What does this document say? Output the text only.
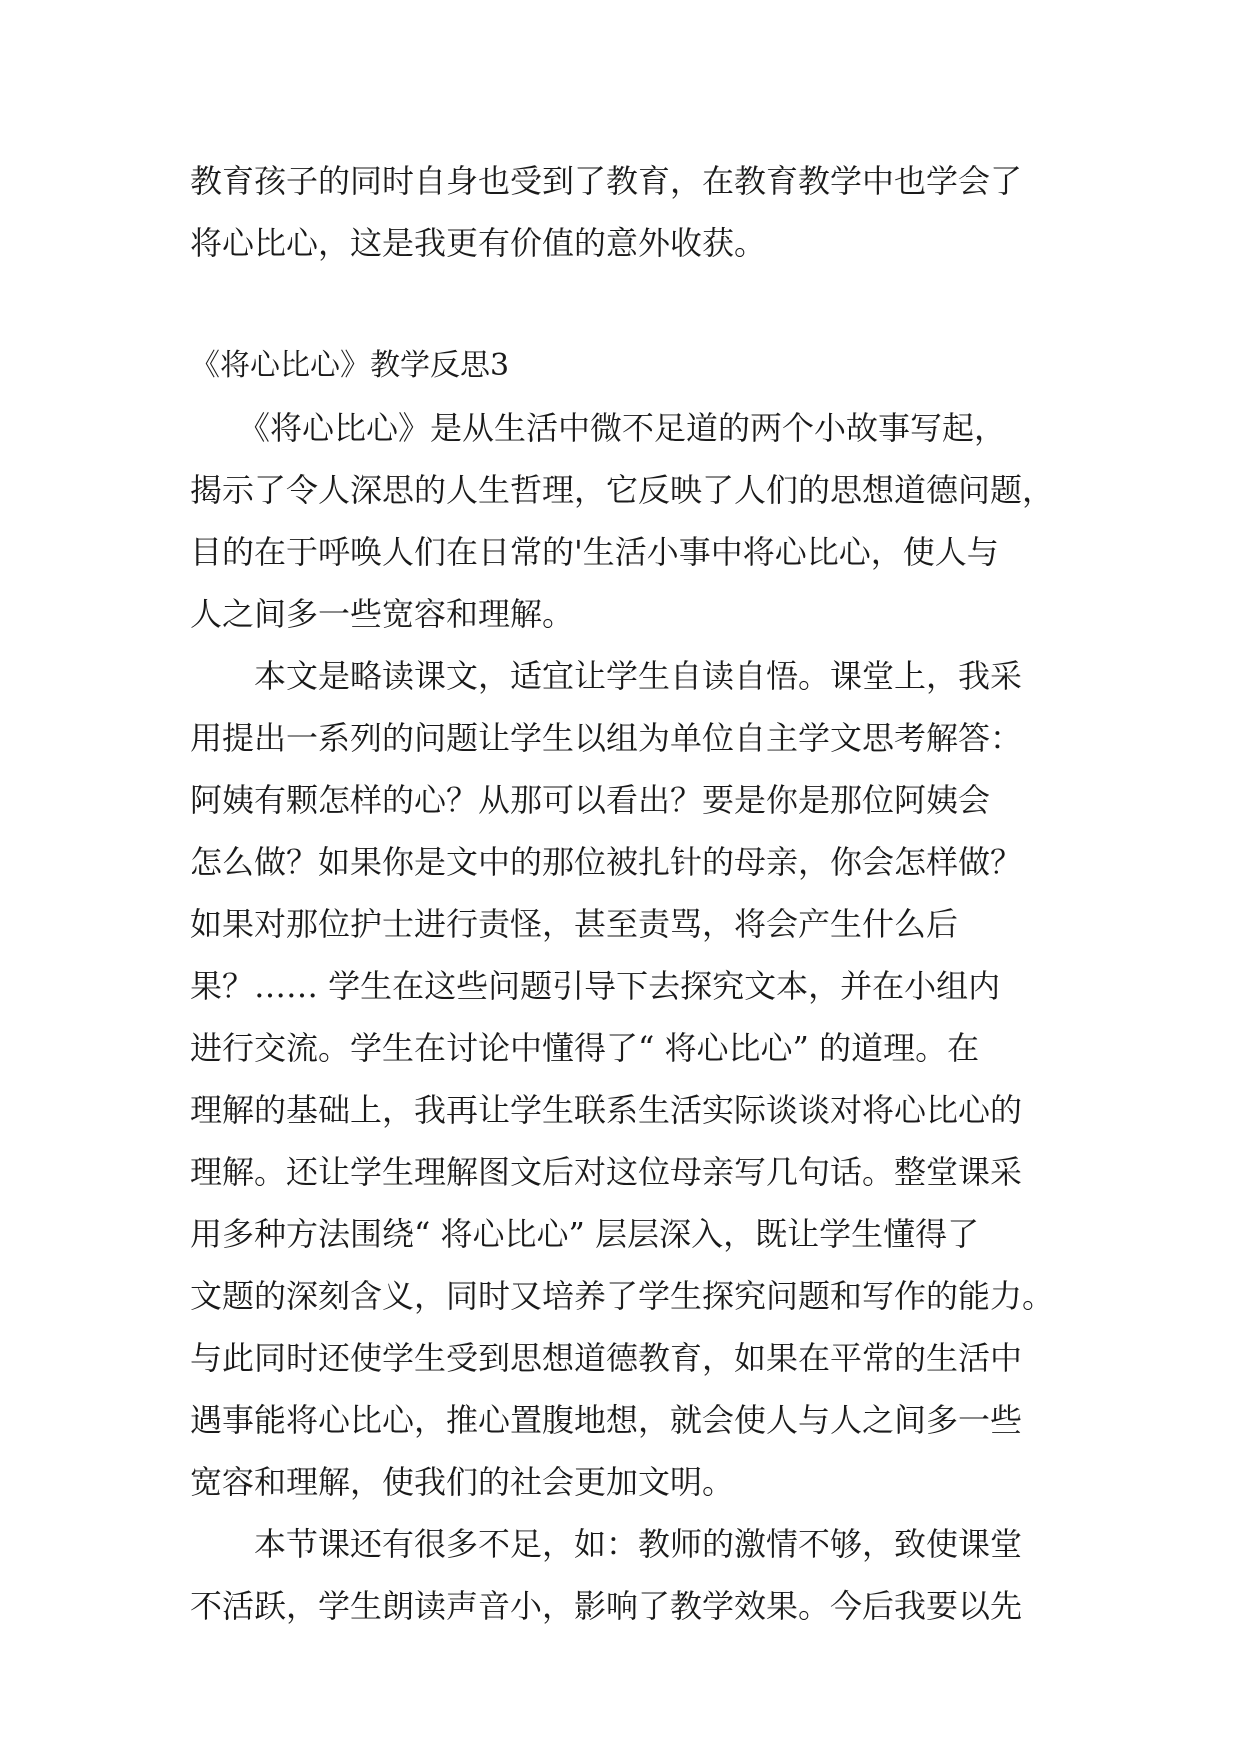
教育孩子的同时自身也受到了教育，在教育教学中也学会了
将心比心，这是我更有价值的意外收获。
《将心比心》教学反思3
　　《将心比心》是从生活中微不足道的两个小故事写起，
揭示了令人深思的人生哲理，它反映了人们的思想道德问题，
目的在于呼唤人们在日常的'生活小事中将心比心，使人与
人之间多一些宽容和理解。
　　本文是略读课文，适宜让学生自读自悟。课堂上，我采
用提出一系列的问题让学生以组为单位自主学文思考解答：
阿姨有颗怎样的心？从那可以看出？要是你是那位阿姨会
怎么做？如果你是文中的那位被扎针的母亲，你会怎样做？
如果对那位护士进行责怪，甚至责骂，将会产生什么后
果？…… 学生在这些问题引导下去探究文本，并在小组内
进行交流。学生在讨论中懂得了“ 将心比心” 的道理。在
理解的基础上，我再让学生联系生活实际谈谈对将心比心的
理解。还让学生理解图文后对这位母亲写几句话。整堂课采
用多种方法围绕“ 将心比心” 层层深入，既让学生懂得了
文题的深刻含义，同时又培养了学生探究问题和写作的能力。
与此同时还使学生受到思想道德教育，如果在平常的生活中
遇事能将心比心，推心置腹地想，就会使人与人之间多一些
宽容和理解，使我们的社会更加文明。
　　本节课还有很多不足，如：教师的激情不够，致使课堂
不活跃，学生朗读声音小，影响了教学效果。今后我要以先
